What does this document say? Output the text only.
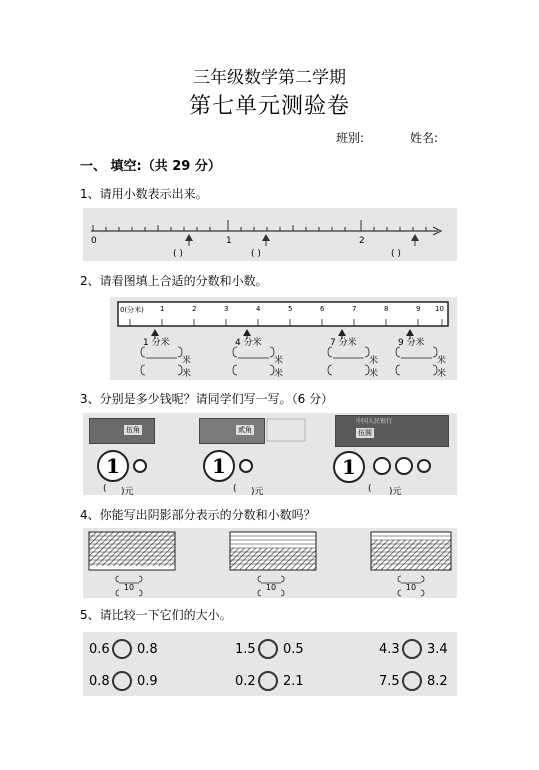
三年级数学第二学期
第七单元测验卷
班别:	姓名:
一、 填空:（共 29 分）
1、请用小数表示出来。
0	1	2
( )	( )	( )
2、请看图填上合适的分数和小数。
0(分米) 1	2	3	4	5	6	7	8	9 10
1 分米	4 分米	7 分米	9 分米
米
米
米
米
米
米
米
米
3、分别是多少钱呢？请同学们写一写。（6 分）
伍角
1
( )元
贰角
1
( )元
中国人民银行
伍圆
1
( )元
4、你能写出阴影部分表示的分数和小数吗？
10	10	10
5、请比较一下它们的大小。
0.6 0.8	1.5 0.5	4.3 3.4
0.8 0.9	0.2 2.1	7.5 8.2
